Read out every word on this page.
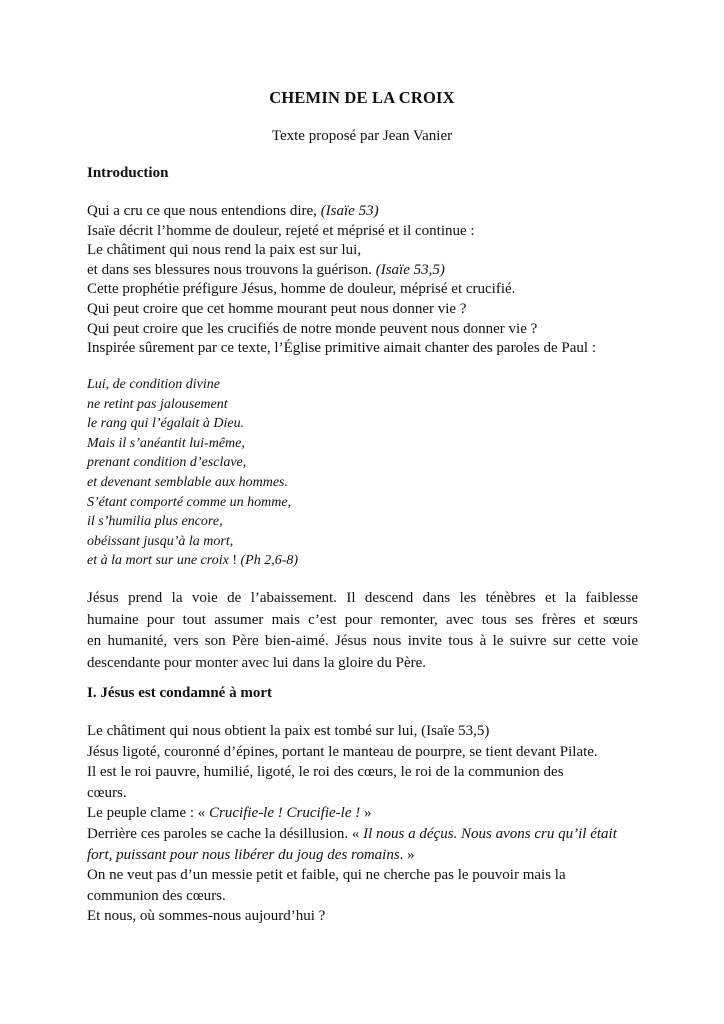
CHEMIN DE LA CROIX
Texte proposé par Jean Vanier
Introduction
Qui a cru ce que nous entendions dire, (Isaïe 53)
Isaïe décrit l’homme de douleur, rejeté et méprisé et il continue :
Le châtiment qui nous rend la paix est sur lui,
et dans ses blessures nous trouvons la guérison. (Isaïe 53,5)
Cette prophétie préfigure Jésus, homme de douleur, méprisé et crucifié.
Qui peut croire que cet homme mourant peut nous donner vie ?
Qui peut croire que les crucifiés de notre monde peuvent nous donner vie ?
Inspirée sûrement par ce texte, l’Église primitive aimait chanter des paroles de Paul :
Lui, de condition divine
ne retint pas jalousement
le rang qui l’égalait à Dieu.
Mais il s’anéantit lui-même,
prenant condition d’esclave,
et devenant semblable aux hommes.
S’étant comporté comme un homme,
il s’humilia plus encore,
obéissant jusqu’à la mort,
et à la mort sur une croix ! (Ph 2,6-8)
Jésus prend la voie de l’abaissement. Il descend dans les ténèbres et la faiblesse
humaine pour tout assumer mais c’est pour remonter, avec tous ses frères et sœurs
en humanité, vers son Père bien-aimé. Jésus nous invite tous à le suivre sur cette voie
descendante pour monter avec lui dans la gloire du Père.
I. Jésus est condamné à mort
Le châtiment qui nous obtient la paix est tombé sur lui, (Isaïe 53,5)
Jésus ligoté, couronné d’épines, portant le manteau de pourpre, se tient devant Pilate.
Il est le roi pauvre, humilié, ligoté, le roi des cœurs, le roi de la communion des
cœurs.
Le peuple clame : « Crucifie-le ! Crucifie-le ! »
Derrière ces paroles se cache la désillusion. « Il nous a déçus. Nous avons cru qu’il était
fort, puissant pour nous libérer du joug des romains. »
On ne veut pas d’un messie petit et faible, qui ne cherche pas le pouvoir mais la
communion des cœurs.
Et nous, où sommes-nous aujourd’hui ?
